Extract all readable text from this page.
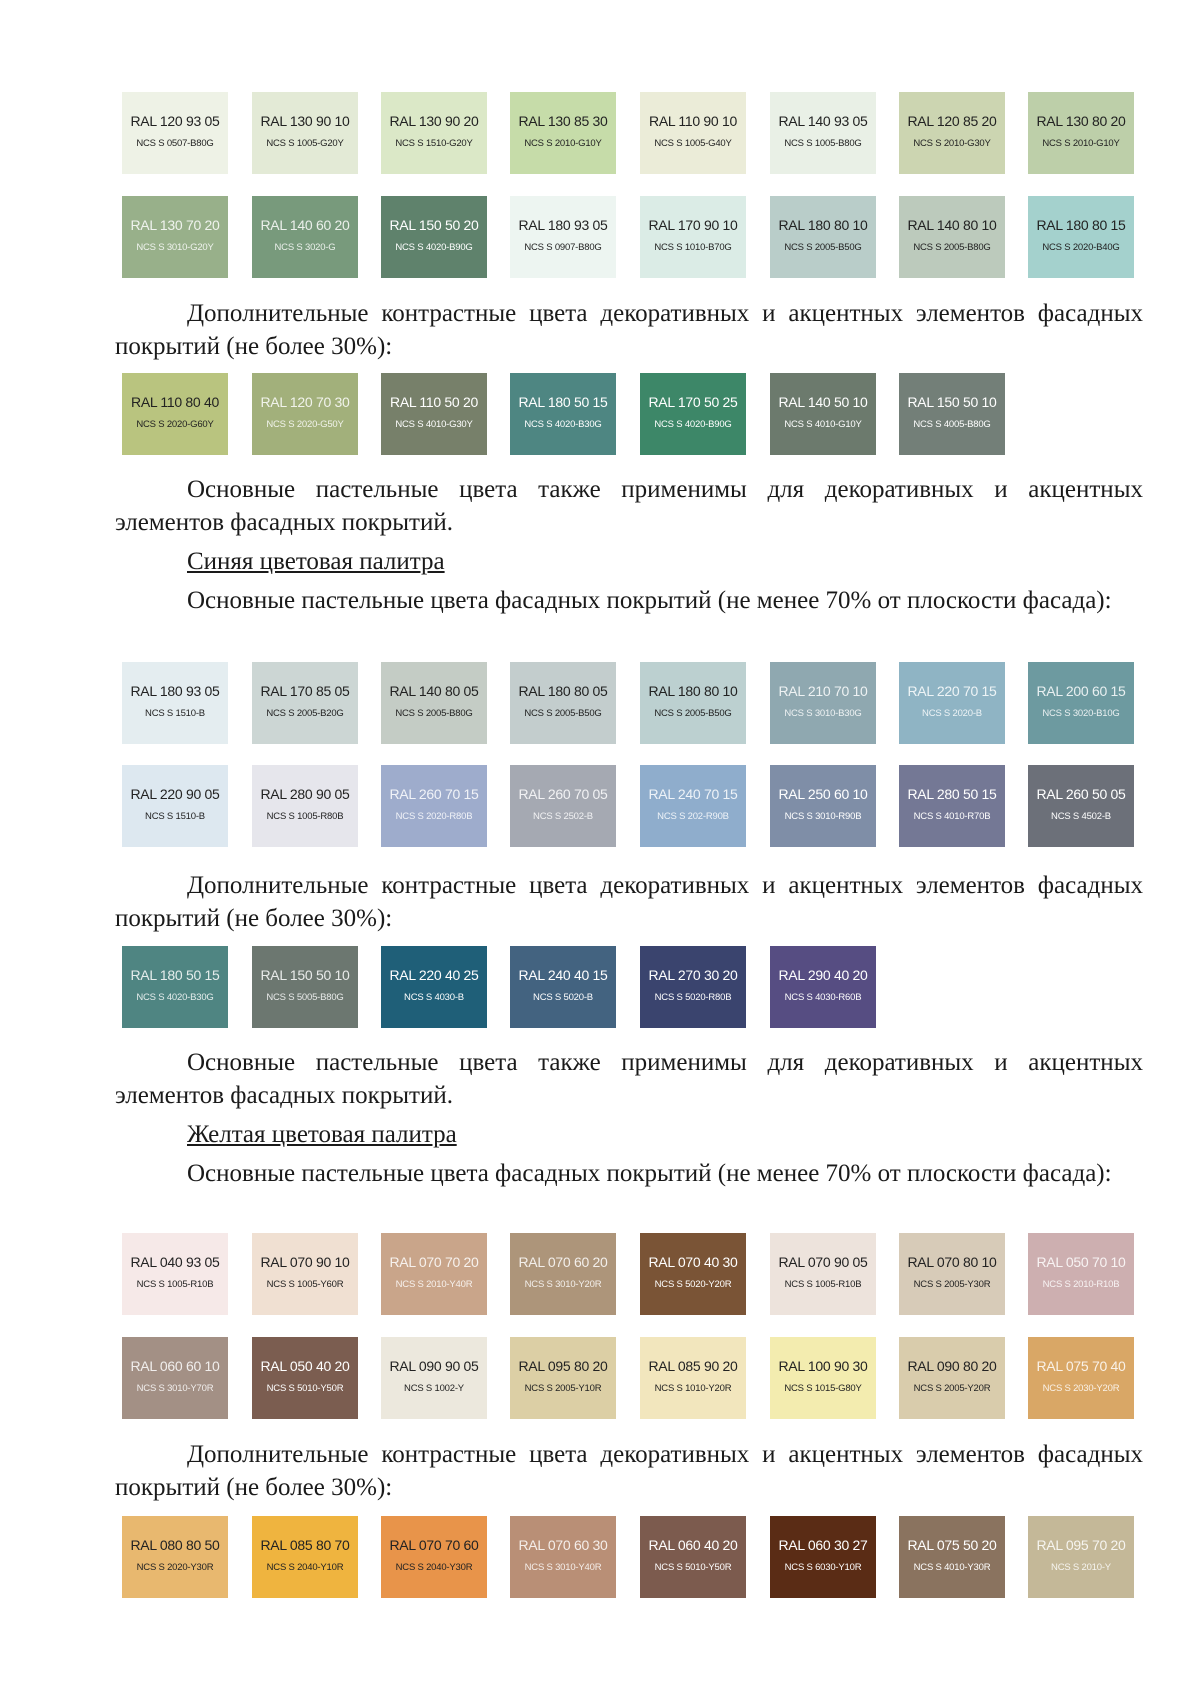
RAL 120 93 05
NCS S 0507-B80G
RAL 130 90 10
NCS S 1005-G20Y
RAL 130 90 20
NCS S 1510-G20Y
RAL 130 85 30
NCS S 2010-G10Y
RAL 110 90 10
NCS S 1005-G40Y
RAL 140 93 05
NCS S 1005-B80G
RAL 120 85 20
NCS S 2010-G30Y
RAL 130 80 20
NCS S 2010-G10Y
RAL 130 70 20
NCS S 3010-G20Y
RAL 140 60 20
NCS S 3020-G
RAL 150 50 20
NCS S 4020-B90G
RAL 180 93 05
NCS S 0907-B80G
RAL 170 90 10
NCS S 1010-B70G
RAL 180 80 10
NCS S 2005-B50G
RAL 140 80 10
NCS S 2005-B80G
RAL 180 80 15
NCS S 2020-B40G

Дополнительные контрастные цвета декоративных и акцентных элементов фасадных покрытий (не более 30%):

RAL 110 80 40
NCS S 2020-G60Y
RAL 120 70 30
NCS S 2020-G50Y
RAL 110 50 20
NCS S 4010-G30Y
RAL 180 50 15
NCS S 4020-B30G
RAL 170 50 25
NCS S 4020-B90G
RAL 140 50 10
NCS S 4010-G10Y
RAL 150 50 10
NCS S 4005-B80G

Основные пастельные цвета также применимы для декоративных и акцентных элементов фасадных покрытий.

Синяя цветовая палитра

Основные пастельные цвета фасадных покрытий (не менее 70% от плоскости фасада):

RAL 180 93 05
NCS S 1510-B
RAL 170 85 05
NCS S 2005-B20G
RAL 140 80 05
NCS S 2005-B80G
RAL 180 80 05
NCS S 2005-B50G
RAL 180 80 10
NCS S 2005-B50G
RAL 210 70 10
NCS S 3010-B30G
RAL 220 70 15
NCS S 2020-B
RAL 200 60 15
NCS S 3020-B10G
RAL 220 90 05
NCS S 1510-B
RAL 280 90 05
NCS S 1005-R80B
RAL 260 70 15
NCS S 2020-R80B
RAL 260 70 05
NCS S 2502-B
RAL 240 70 15
NCS S 202-R90B
RAL 250 60 10
NCS S 3010-R90B
RAL 280 50 15
NCS S 4010-R70B
RAL 260 50 05
NCS S 4502-B

Дополнительные контрастные цвета декоративных и акцентных элементов фасадных покрытий (не более 30%):

RAL 180 50 15
NCS S 4020-B30G
RAL 150 50 10
NCS S 5005-B80G
RAL 220 40 25
NCS S 4030-B
RAL 240 40 15
NCS S 5020-B
RAL 270 30 20
NCS S 5020-R80B
RAL 290 40 20
NCS S 4030-R60B

Основные пастельные цвета также применимы для декоративных и акцентных элементов фасадных покрытий.

Желтая цветовая палитра

Основные пастельные цвета фасадных покрытий (не менее 70% от плоскости фасада):

RAL 040 93 05
NCS S 1005-R10B
RAL 070 90 10
NCS S 1005-Y60R
RAL 070 70 20
NCS S 2010-Y40R
RAL 070 60 20
NCS S 3010-Y20R
RAL 070 40 30
NCS S 5020-Y20R
RAL 070 90 05
NCS S 1005-R10B
RAL 070 80 10
NCS S 2005-Y30R
RAL 050 70 10
NCS S 2010-R10B
RAL 060 60 10
NCS S 3010-Y70R
RAL 050 40 20
NCS S 5010-Y50R
RAL 090 90 05
NCS S 1002-Y
RAL 095 80 20
NCS S 2005-Y10R
RAL 085 90 20
NCS S 1010-Y20R
RAL 100 90 30
NCS S 1015-G80Y
RAL 090 80 20
NCS S 2005-Y20R
RAL 075 70 40
NCS S 2030-Y20R

Дополнительные контрастные цвета декоративных и акцентных элементов фасадных покрытий (не более 30%):

RAL 080 80 50
NCS S 2020-Y30R
RAL 085 80 70
NCS S 2040-Y10R
RAL 070 70 60
NCS S 2040-Y30R
RAL 070 60 30
NCS S 3010-Y40R
RAL 060 40 20
NCS S 5010-Y50R
RAL 060 30 27
NCS S 6030-Y10R
RAL 075 50 20
NCS S 4010-Y30R
RAL 095 70 20
NCS S 2010-Y
